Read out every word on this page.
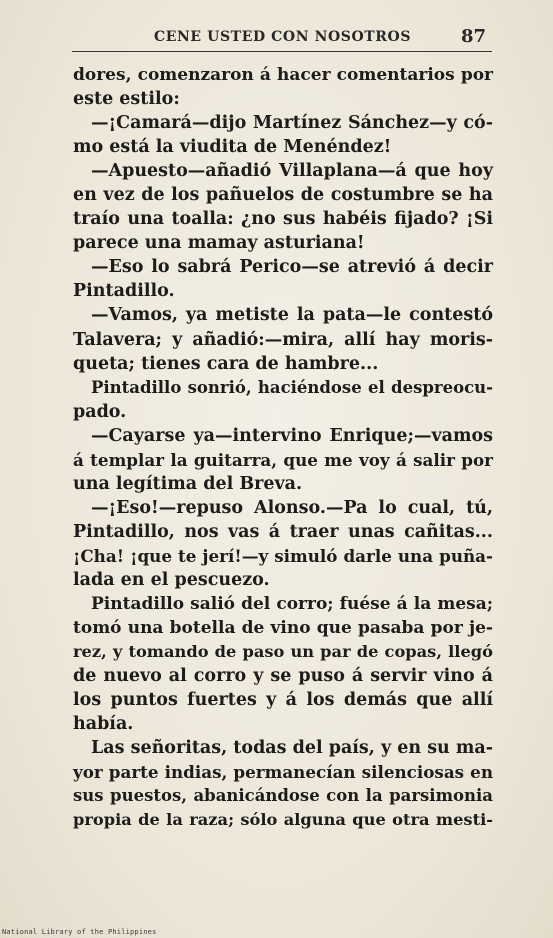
CENE USTED CON NOSOTROS	87
dores, comenzaron á hacer comentarios por
este estilo:
—¡Camará—dijo Martínez Sánchez—y có-
mo está la viudita de Menéndez!
—Apuesto—añadió Villaplana—á que hoy
en vez de los pañuelos de costumbre se ha
traío una toalla: ¿no sus habéis fijado? ¡Si
parece una mamay asturiana!
—Eso lo sabrá Perico—se atrevió á decir
Pintadillo.
—Vamos, ya metiste la pata—le contestó
Talavera; y añadió:—mira, allí hay moris-
queta; tienes cara de hambre...
Pintadillo sonrió, haciéndose el despreocu-
pado.
—Cayarse ya—intervino Enrique;—vamos
á templar la guitarra, que me voy á salir por
una legítima del Breva.
—¡Eso!—repuso Alonso.—Pa lo cual, tú,
Pintadillo, nos vas á traer unas cañitas...
¡Cha! ¡que te jerí!—y simuló darle una puña-
lada en el pescuezo.
Pintadillo salió del corro; fuése á la mesa;
tomó una botella de vino que pasaba por je-
rez, y tomando de paso un par de copas, llegó
de nuevo al corro y se puso á servir vino á
los puntos fuertes y á los demás que allí
había.
Las señoritas, todas del país, y en su ma-
yor parte indias, permanecían silenciosas en
sus puestos, abanicándose con la parsimonia
propia de la raza; sólo alguna que otra mesti-
National Library of the Philippines
